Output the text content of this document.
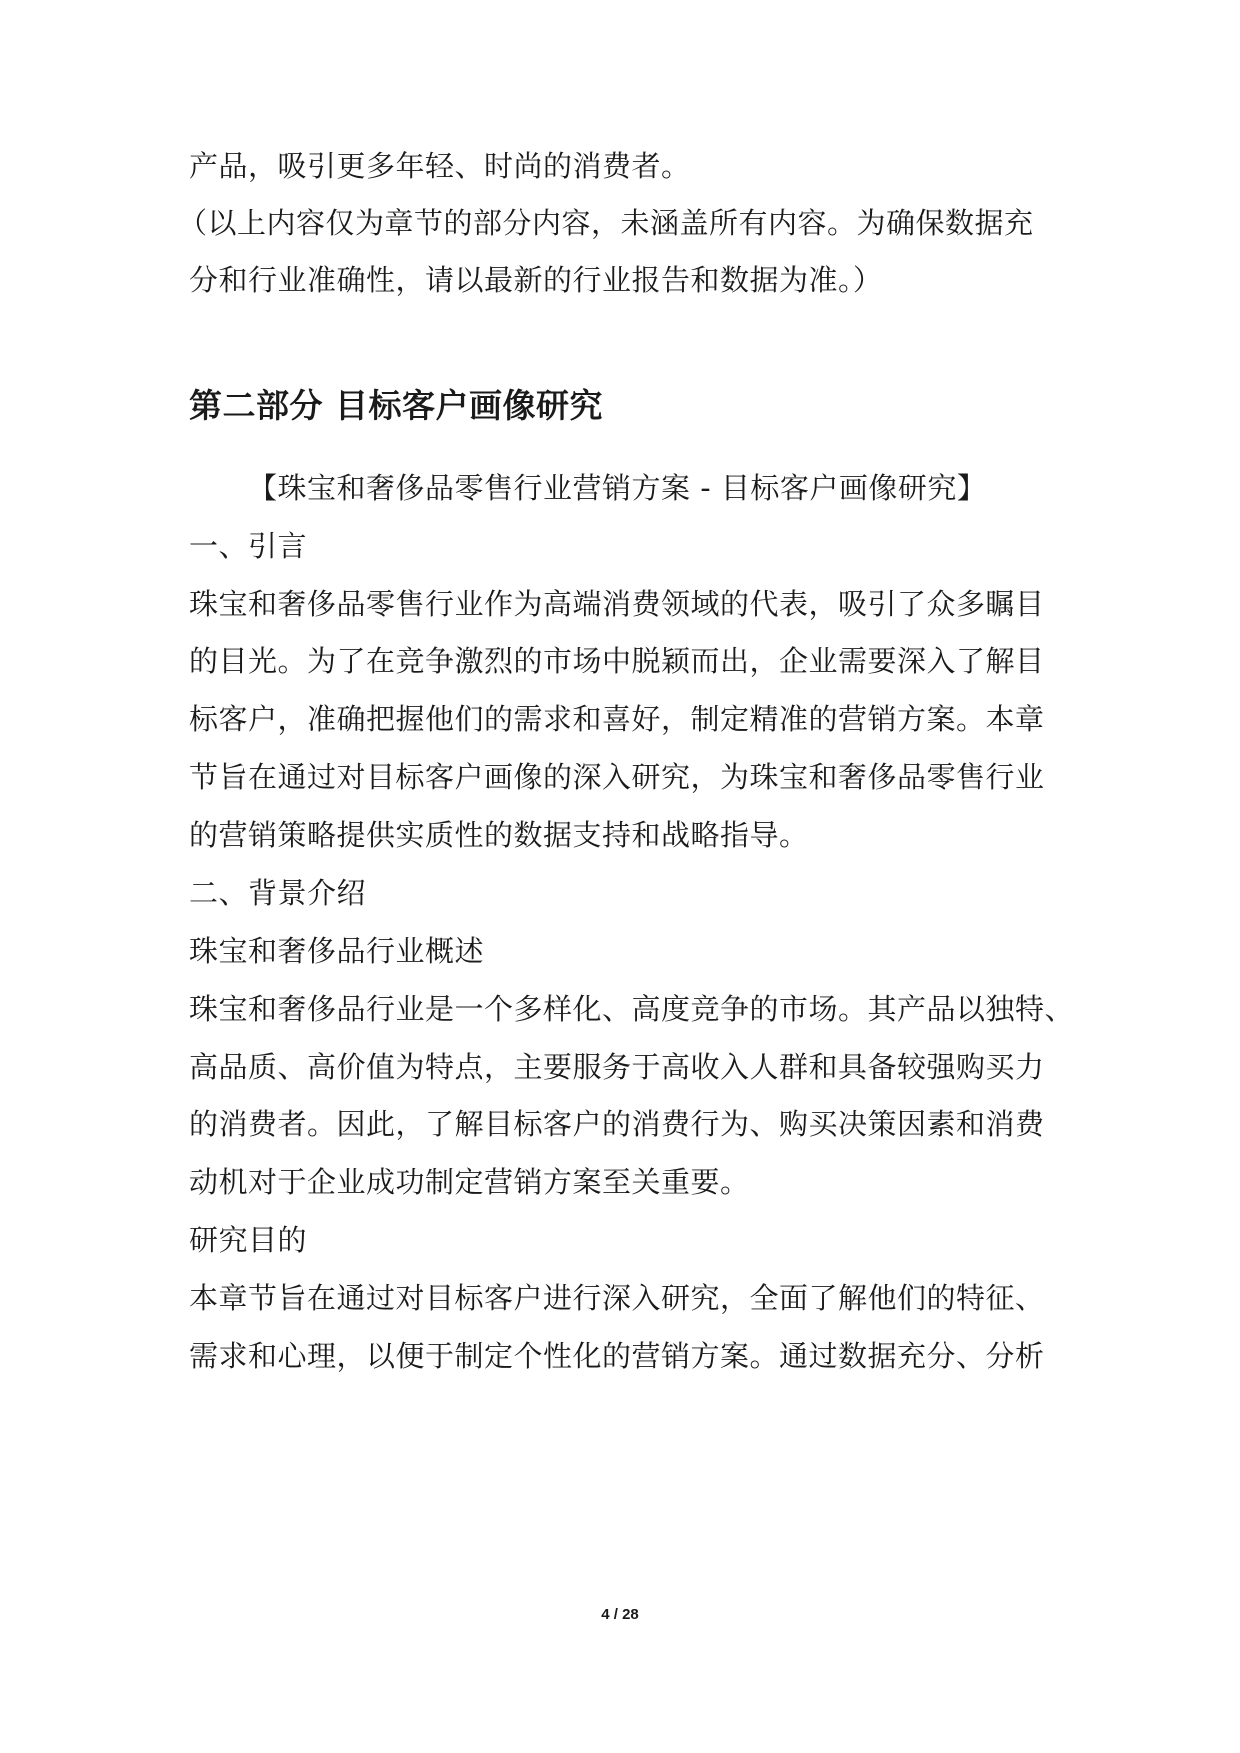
产品，吸引更多年轻、时尚的消费者。
（以上内容仅为章节的部分内容，未涵盖所有内容。为确保数据充
分和行业准确性，请以最新的行业报告和数据为准。）
第二部分 目标客户画像研究
【珠宝和奢侈品零售行业营销方案 - 目标客户画像研究】
一、引言
珠宝和奢侈品零售行业作为高端消费领域的代表，吸引了众多瞩目
的目光。为了在竞争激烈的市场中脱颖而出，企业需要深入了解目
标客户，准确把握他们的需求和喜好，制定精准的营销方案。本章
节旨在通过对目标客户画像的深入研究，为珠宝和奢侈品零售行业
的营销策略提供实质性的数据支持和战略指导。
二、背景介绍
珠宝和奢侈品行业概述
珠宝和奢侈品行业是一个多样化、高度竞争的市场。其产品以独特、
高品质、高价值为特点，主要服务于高收入人群和具备较强购买力
的消费者。因此，了解目标客户的消费行为、购买决策因素和消费
动机对于企业成功制定营销方案至关重要。
研究目的
本章节旨在通过对目标客户进行深入研究，全面了解他们的特征、
需求和心理，以便于制定个性化的营销方案。通过数据充分、分析
4 / 28
